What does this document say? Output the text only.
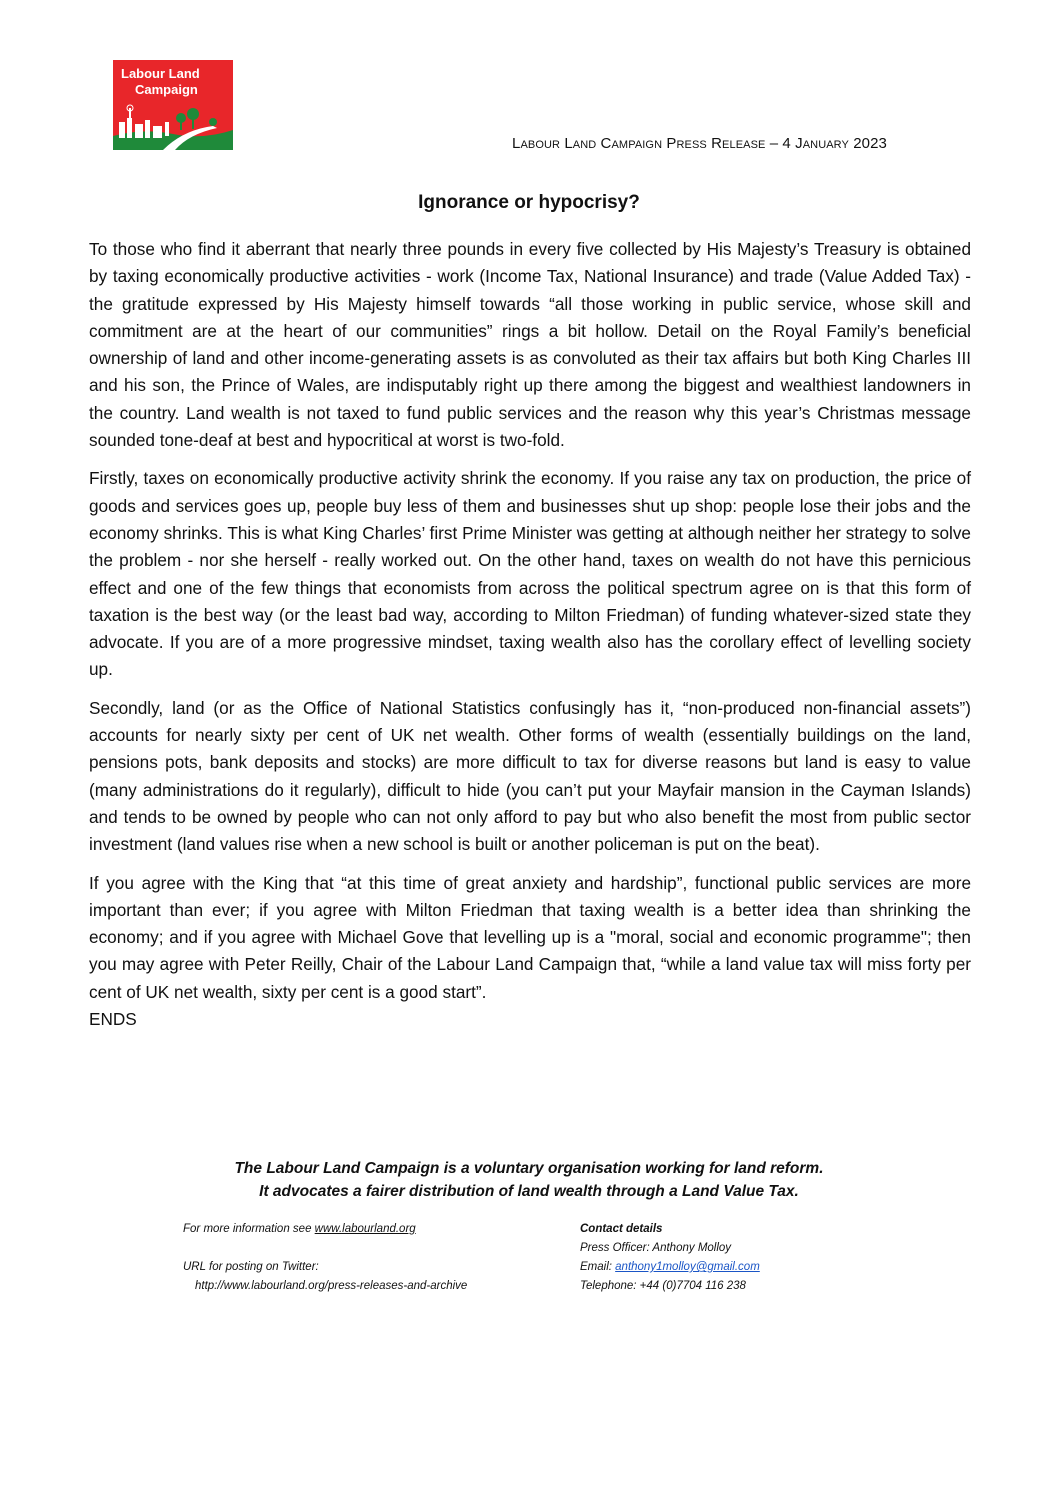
Labour Land
Campaign
Labour Land Campaign Press Release – 4 January 2023
Ignorance or hypocrisy?

To those who find it aberrant that nearly three pounds in every five collected by His Majesty’s Treasury is obtained by taxing economically productive activities - work (Income Tax, National Insurance) and trade (Value Added Tax) - the gratitude expressed by His Majesty himself towards “all those working in public service, whose skill and commitment are at the heart of our communities” rings a bit hollow. Detail on the Royal Family’s beneficial ownership of land and other income-generating assets is as convoluted as their tax affairs but both King Charles III and his son, the Prince of Wales, are indisputably right up there among the biggest and wealthiest landowners in the country. Land wealth is not taxed to fund public services and the reason why this year’s Christmas message sounded tone-deaf at best and hypocritical at worst is two-fold.

Firstly, taxes on economically productive activity shrink the economy. If you raise any tax on production, the price of goods and services goes up, people buy less of them and businesses shut up shop: people lose their jobs and the economy shrinks. This is what King Charles’ first Prime Minister was getting at although neither her strategy to solve the problem - nor she herself - really worked out. On the other hand, taxes on wealth do not have this pernicious effect and one of the few things that economists from across the political spectrum agree on is that this form of taxation is the best way (or the least bad way, according to Milton Friedman) of funding whatever-sized state they advocate. If you are of a more progressive mindset, taxing wealth also has the corollary effect of levelling society up.

Secondly, land (or as the Office of National Statistics confusingly has it, “non-produced non-financial assets”) accounts for nearly sixty per cent of UK net wealth. Other forms of wealth (essentially buildings on the land, pensions pots, bank deposits and stocks) are more difficult to tax for diverse reasons but land is easy to value (many administrations do it regularly), difficult to hide (you can’t put your Mayfair mansion in the Cayman Islands) and tends to be owned by people who can not only afford to pay but who also benefit the most from public sector investment (land values rise when a new school is built or another policeman is put on the beat).

If you agree with the King that “at this time of great anxiety and hardship”, functional public services are more important than ever; if you agree with Milton Friedman that taxing wealth is a better idea than shrinking the economy; and if you agree with Michael Gove that levelling up is a "moral, social and economic programme"; then you may agree with Peter Reilly, Chair of the Labour Land Campaign that, “while a land value tax will miss forty per cent of UK net wealth, sixty per cent is a good start”.

ENDS

The Labour Land Campaign is a voluntary organisation working for land reform.
It advocates a fairer distribution of land wealth through a Land Value Tax.
For more information see www.labourland.org
URL for posting on Twitter:
http://www.labourland.org/press-releases-and-archive
Contact details
Press Officer: Anthony Molloy
Email: anthony1molloy@gmail.com
Telephone: +44 (0)7704 116 238
